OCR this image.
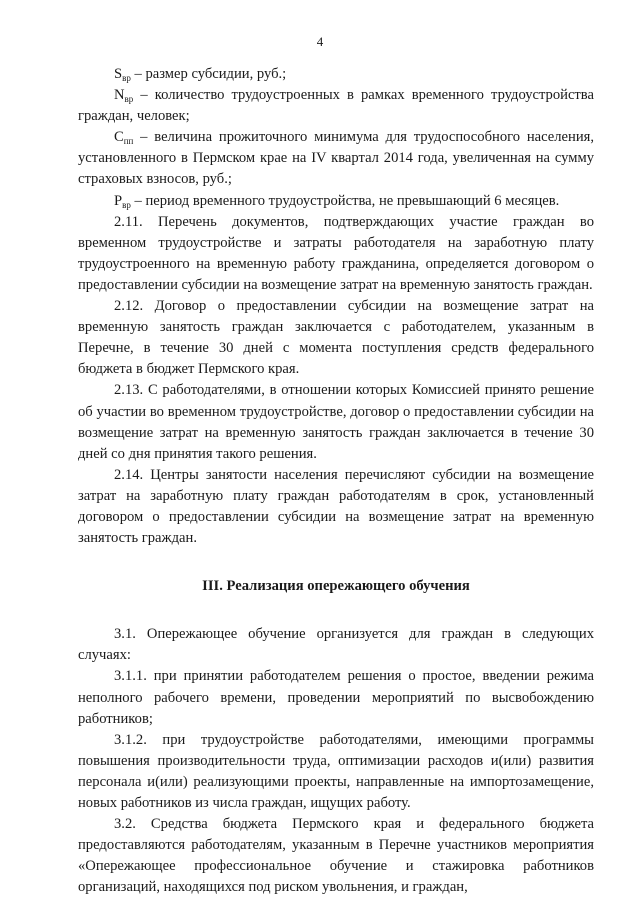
4

$S_{вр}$ – размер субсидии, руб.;

$N_{вр}$ – количество трудоустроенных в рамках временного трудоустройства граждан, человек;

$С_{пп}$ – величина прожиточного минимума для трудоспособного населения, установленного в Пермском крае на IV квартал 2014 года, увеличенная на сумму страховых взносов, руб.;

$Р_{вр}$ – период временного трудоустройства, не превышающий 6 месяцев.

2.11. Перечень документов, подтверждающих участие граждан во временном трудоустройстве и затраты работодателя на заработную плату трудоустроенного на временную работу гражданина, определяется договором о предоставлении субсидии на возмещение затрат на временную занятость граждан.

2.12. Договор о предоставлении субсидии на возмещение затрат на временную занятость граждан заключается с работодателем, указанным в Перечне, в течение 30 дней с момента поступления средств федерального бюджета в бюджет Пермского края.

2.13. С работодателями, в отношении которых Комиссией принято решение об участии во временном трудоустройстве, договор о предоставлении субсидии на возмещение затрат на временную занятость граждан заключается в течение 30 дней со дня принятия такого решения.

2.14. Центры занятости населения перечисляют субсидии на возмещение затрат на заработную плату граждан работодателям в срок, установленный договором о предоставлении субсидии на возмещение затрат на временную занятость граждан.

III. Реализация опережающего обучения

3.1. Опережающее обучение организуется для граждан в следующих случаях:

3.1.1. при принятии работодателем решения о простое, введении режима неполного рабочего времени, проведении мероприятий по высвобождению работников;

3.1.2. при трудоустройстве работодателями, имеющими программы повышения производительности труда, оптимизации расходов и(или) развития персонала и(или) реализующими проекты, направленные на импортозамещение, новых работников из числа граждан, ищущих работу.

3.2. Средства бюджета Пермского края и федерального бюджета предоставляются работодателям, указанным в Перечне участников мероприятия «Опережающее профессиональное обучение и стажировка работников организаций, находящихся под риском увольнения, и граждан,
